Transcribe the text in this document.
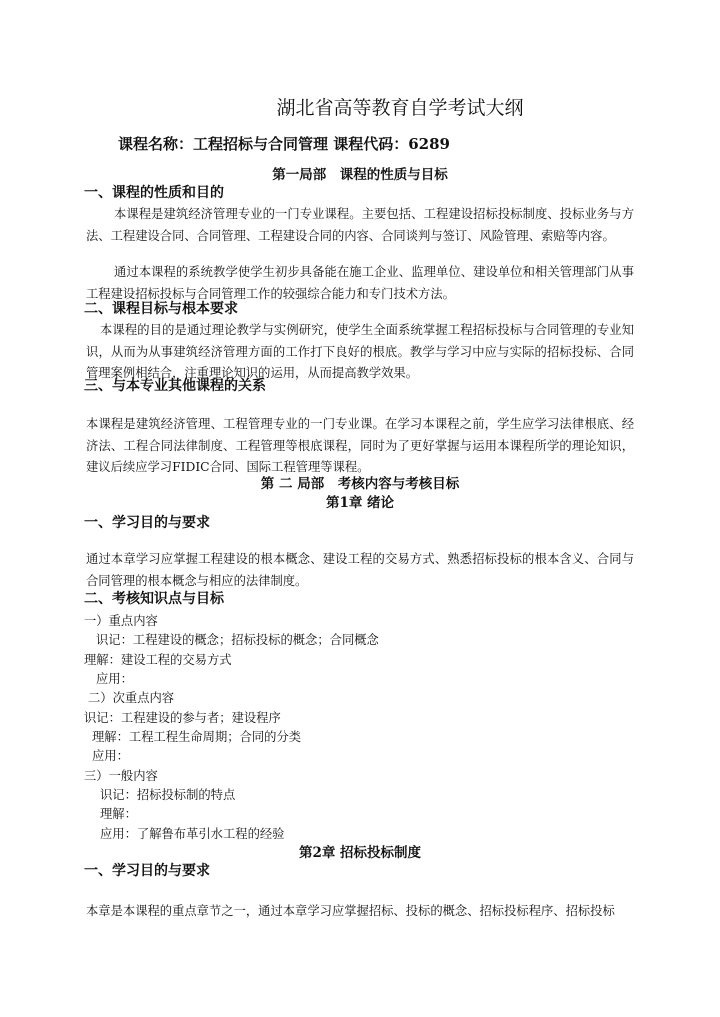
湖北省高等教育自学考试大纲
课程名称：工程招标与合同管理 课程代码：6289
第一局部　课程的性质与目标
一、课程的性质和目的
本课程是建筑经济管理专业的一门专业课程。主要包括、工程建设招标投标制度、投标业务与方法、工程建设合同、合同管理、工程建设合同的内容、合同谈判与签订、风险管理、索赔等内容。
通过本课程的系统教学使学生初步具备能在施工企业、监理单位、建设单位和相关管理部门从事工程建设招标投标与合同管理工作的较强综合能力和专门技术方法。
二、课程目标与根本要求
本课程的目的是通过理论教学与实例研究，使学生全面系统掌握工程招标投标与合同管理的专业知识，从而为从事建筑经济管理方面的工作打下良好的根底。教学与学习中应与实际的招标投标、合同管理案例相结合，注重理论知识的运用，从而提高教学效果。
三、与本专业其他课程的关系
本课程是建筑经济管理、工程管理专业的一门专业课。在学习本课程之前，学生应学习法律根底、经济法、工程合同法律制度、工程管理等根底课程，同时为了更好掌握与运用本课程所学的理论知识，建议后续应学习FIDIC合同、国际工程管理等课程。
第 二 局部　考核内容与考核目标
第1章 绪论
一、学习目的与要求
通过本章学习应掌握工程建设的根本概念、建设工程的交易方式、熟悉招标投标的根本含义、合同与合同管理的根本概念与相应的法律制度。
二、考核知识点与目标
一）重点内容
识记：工程建设的概念；招标投标的概念；合同概念
理解：建设工程的交易方式
应用：
二）次重点内容
识记：工程建设的参与者；建设程序
理解：工程工程生命周期；合同的分类
应用：
三）一般内容
识记：招标投标制的特点
理解：
应用：了解鲁布革引水工程的经验
第2章 招标投标制度
一、学习目的与要求
本章是本课程的重点章节之一，通过本章学习应掌握招标、投标的概念、招标投标程序、招标投标
